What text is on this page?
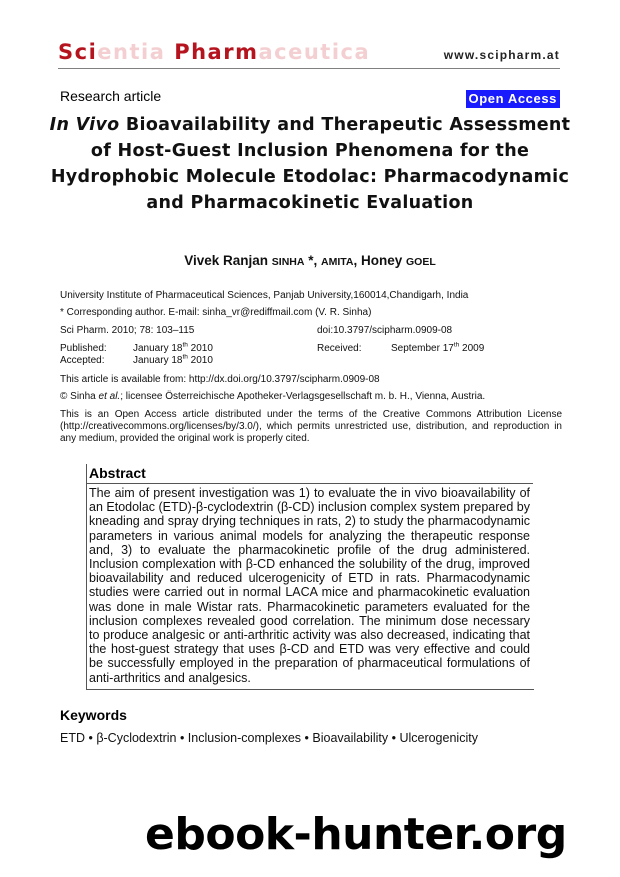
Scientia Pharmaceutica	www.scipharm.at
Research article	Open Access
In Vivo Bioavailability and Therapeutic Assessment of Host-Guest Inclusion Phenomena for the Hydrophobic Molecule Etodolac: Pharmacodynamic and Pharmacokinetic Evaluation
Vivek Ranjan SINHA *, AMITA, Honey GOEL
University Institute of Pharmaceutical Sciences, Panjab University,160014,Chandigarh, India
* Corresponding author. E-mail: sinha_vr@rediffmail.com (V. R. Sinha)
Sci Pharm. 2010; 78: 103–115	doi:10.3797/scipharm.0909-08
Published:	January 18th 2010	Received:	September 17th 2009
Accepted:	January 18th 2010
This article is available from: http://dx.doi.org/10.3797/scipharm.0909-08
© Sinha et al.; licensee Österreichische Apotheker-Verlagsgesellschaft m. b. H., Vienna, Austria.
This is an Open Access article distributed under the terms of the Creative Commons Attribution License (http://creativecommons.org/licenses/by/3.0/), which permits unrestricted use, distribution, and reproduction in any medium, provided the original work is properly cited.
Abstract
The aim of present investigation was 1) to evaluate the in vivo bioavailability of an Etodolac (ETD)-β-cyclodextrin (β-CD) inclusion complex system prepared by kneading and spray drying techniques in rats, 2) to study the pharmacodynamic parameters in various animal models for analyzing the therapeutic response and, 3) to evaluate the pharmacokinetic profile of the drug administered. Inclusion complexation with β-CD enhanced the solubility of the drug, improved bioavailability and reduced ulcerogenicity of ETD in rats. Pharmacodynamic studies were carried out in normal LACA mice and pharmacokinetic evaluation was done in male Wistar rats. Pharmacokinetic parameters evaluated for the inclusion complexes revealed good correlation. The minimum dose necessary to produce analgesic or anti-arthritic activity was also decreased, indicating that the host-guest strategy that uses β-CD and ETD was very effective and could be successfully employed in the preparation of pharmaceutical formulations of anti-arthritics and analgesics.
Keywords
ETD • β-Cyclodextrin • Inclusion-complexes • Bioavailability • Ulcerogenicity
ebook-hunter.org
